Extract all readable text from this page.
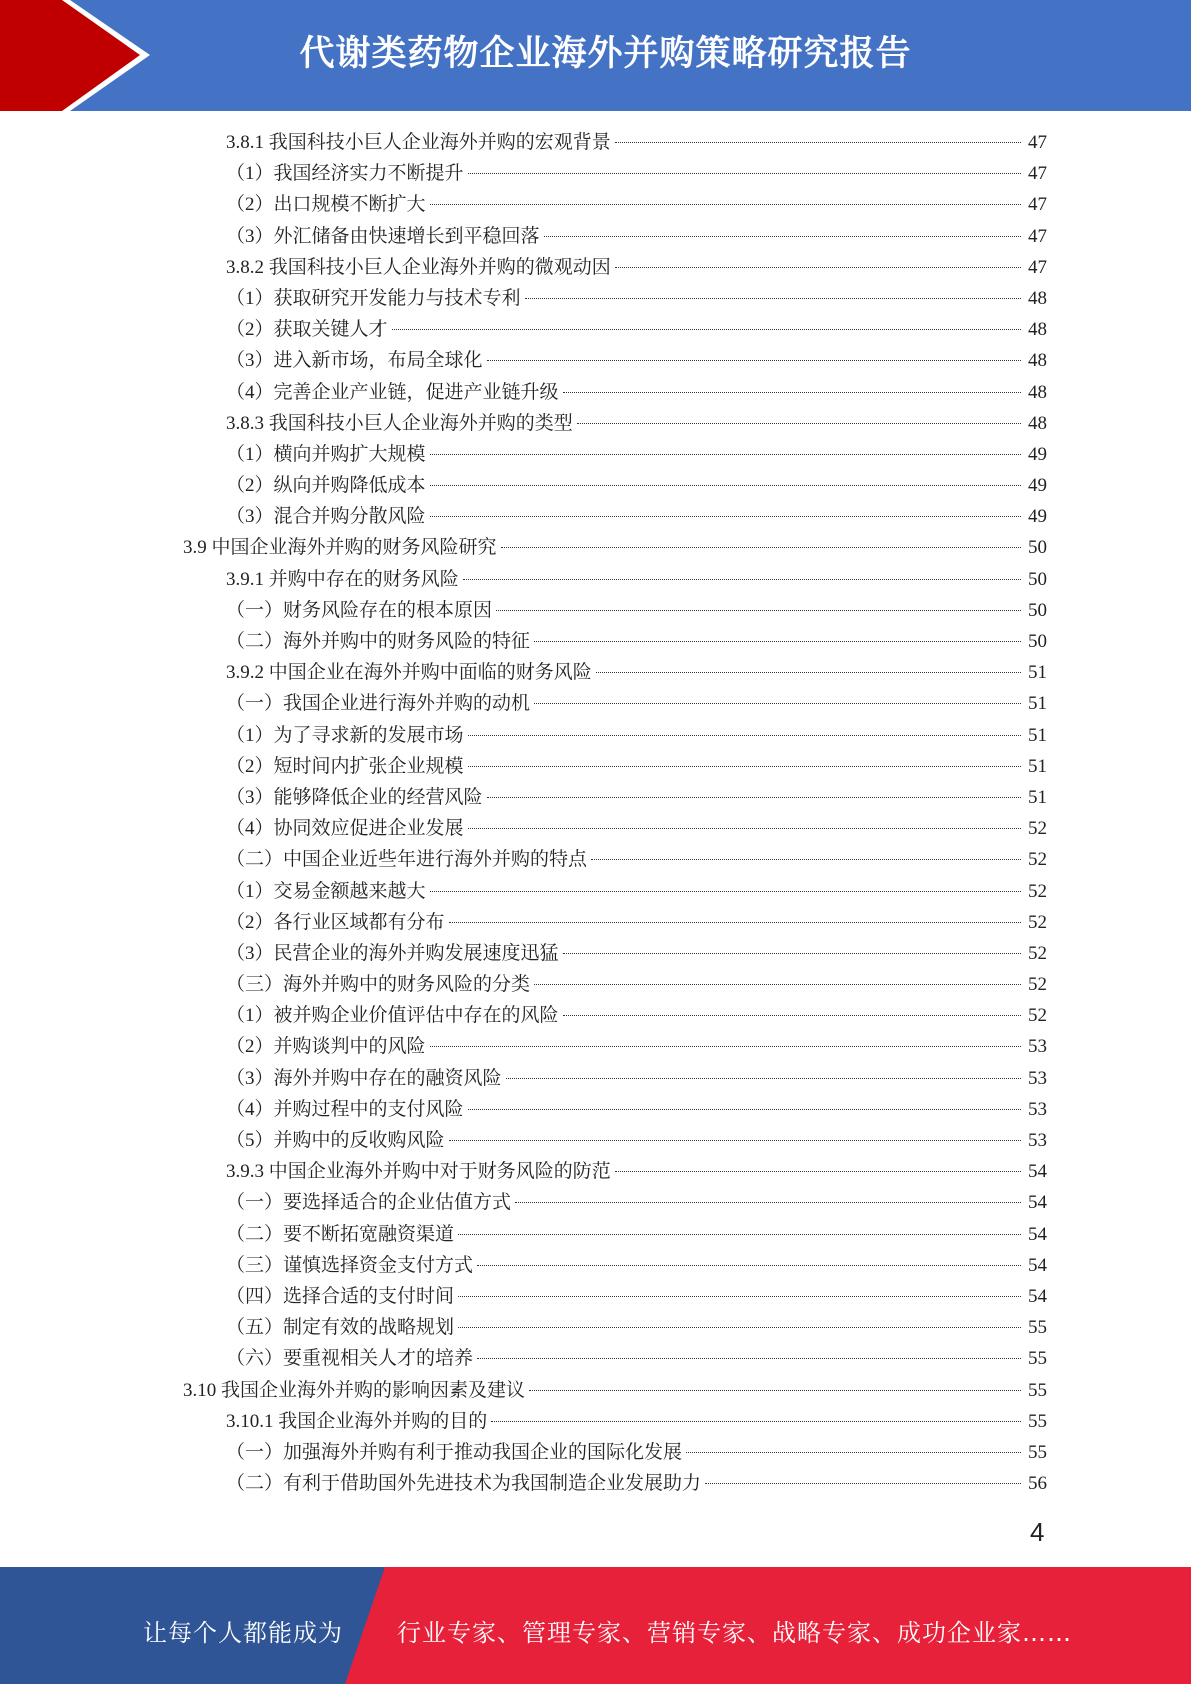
代谢类药物企业海外并购策略研究报告
3.8.1 我国科技小巨人企业海外并购的宏观背景	47
（1）我国经济实力不断提升	47
（2）出口规模不断扩大	47
（3）外汇储备由快速增长到平稳回落	47
3.8.2 我国科技小巨人企业海外并购的微观动因	47
（1）获取研究开发能力与技术专利	48
（2）获取关键人才	48
（3）进入新市场，布局全球化	48
（4）完善企业产业链，促进产业链升级	48
3.8.3 我国科技小巨人企业海外并购的类型	48
（1）横向并购扩大规模	49
（2）纵向并购降低成本	49
（3）混合并购分散风险	49
3.9 中国企业海外并购的财务风险研究	50
3.9.1 并购中存在的财务风险	50
（一）财务风险存在的根本原因	50
（二）海外并购中的财务风险的特征	50
3.9.2 中国企业在海外并购中面临的财务风险	51
（一）我国企业进行海外并购的动机	51
（1）为了寻求新的发展市场	51
（2）短时间内扩张企业规模	51
（3）能够降低企业的经营风险	51
（4）协同效应促进企业发展	52
（二）中国企业近些年进行海外并购的特点	52
（1）交易金额越来越大	52
（2）各行业区域都有分布	52
（3）民营企业的海外并购发展速度迅猛	52
（三）海外并购中的财务风险的分类	52
（1）被并购企业价值评估中存在的风险	52
（2）并购谈判中的风险	53
（3）海外并购中存在的融资风险	53
（4）并购过程中的支付风险	53
（5）并购中的反收购风险	53
3.9.3 中国企业海外并购中对于财务风险的防范	54
（一）要选择适合的企业估值方式	54
（二）要不断拓宽融资渠道	54
（三）谨慎选择资金支付方式	54
（四）选择合适的支付时间	54
（五）制定有效的战略规划	55
（六）要重视相关人才的培养	55
3.10 我国企业海外并购的影响因素及建议	55
3.10.1 我国企业海外并购的目的	55
（一）加强海外并购有利于推动我国企业的国际化发展	55
（二）有利于借助国外先进技术为我国制造企业发展助力	56
4
让每个人都能成为 行业专家、管理专家、营销专家、战略专家、成功企业家……
